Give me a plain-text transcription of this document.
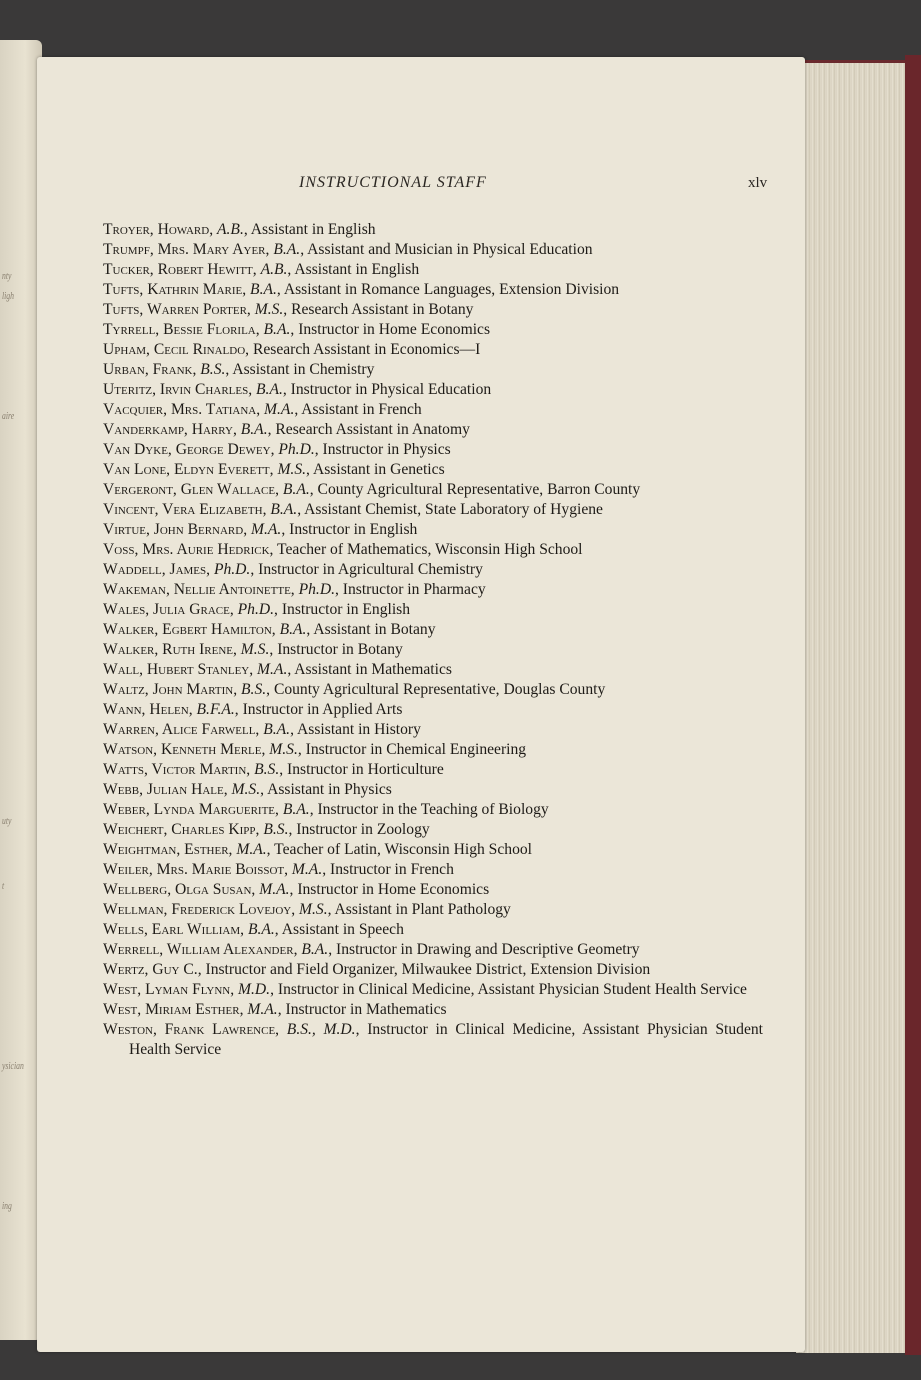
nty
ligh
aire
uty
t
ysician
ing
INSTRUCTIONAL STAFF	xlv
Troyer, Howard, A.B., Assistant in English
Trumpf, Mrs. Mary Ayer, B.A., Assistant and Musician in Physical Education
Tucker, Robert Hewitt, A.B., Assistant in English
Tufts, Kathrin Marie, B.A., Assistant in Romance Languages, Extension Division
Tufts, Warren Porter, M.S., Research Assistant in Botany
Tyrrell, Bessie Florila, B.A., Instructor in Home Economics
Upham, Cecil Rinaldo, Research Assistant in Economics—I
Urban, Frank, B.S., Assistant in Chemistry
Uteritz, Irvin Charles, B.A., Instructor in Physical Education
Vacquier, Mrs. Tatiana, M.A., Assistant in French
Vanderkamp, Harry, B.A., Research Assistant in Anatomy
Van Dyke, George Dewey, Ph.D., Instructor in Physics
Van Lone, Eldyn Everett, M.S., Assistant in Genetics
Vergeront, Glen Wallace, B.A., County Agricultural Representative, Barron County
Vincent, Vera Elizabeth, B.A., Assistant Chemist, State Laboratory of Hygiene
Virtue, John Bernard, M.A., Instructor in English
Voss, Mrs. Aurie Hedrick, Teacher of Mathematics, Wisconsin High School
Waddell, James, Ph.D., Instructor in Agricultural Chemistry
Wakeman, Nellie Antoinette, Ph.D., Instructor in Pharmacy
Wales, Julia Grace, Ph.D., Instructor in English
Walker, Egbert Hamilton, B.A., Assistant in Botany
Walker, Ruth Irene, M.S., Instructor in Botany
Wall, Hubert Stanley, M.A., Assistant in Mathematics
Waltz, John Martin, B.S., County Agricultural Representative, Douglas County
Wann, Helen, B.F.A., Instructor in Applied Arts
Warren, Alice Farwell, B.A., Assistant in History
Watson, Kenneth Merle, M.S., Instructor in Chemical Engineering
Watts, Victor Martin, B.S., Instructor in Horticulture
Webb, Julian Hale, M.S., Assistant in Physics
Weber, Lynda Marguerite, B.A., Instructor in the Teaching of Biology
Weichert, Charles Kipp, B.S., Instructor in Zoology
Weightman, Esther, M.A., Teacher of Latin, Wisconsin High School
Weiler, Mrs. Marie Boissot, M.A., Instructor in French
Wellberg, Olga Susan, M.A., Instructor in Home Economics
Wellman, Frederick Lovejoy, M.S., Assistant in Plant Pathology
Wells, Earl William, B.A., Assistant in Speech
Werrell, William Alexander, B.A., Instructor in Drawing and Descriptive Geometry
Wertz, Guy C., Instructor and Field Organizer, Milwaukee District, Extension Division
West, Lyman Flynn, M.D., Instructor in Clinical Medicine, Assistant Physician Student Health Service
West, Miriam Esther, M.A., Instructor in Mathematics
Weston, Frank Lawrence, B.S., M.D., Instructor in Clinical Medicine, Assistant Physician Student Health Service
